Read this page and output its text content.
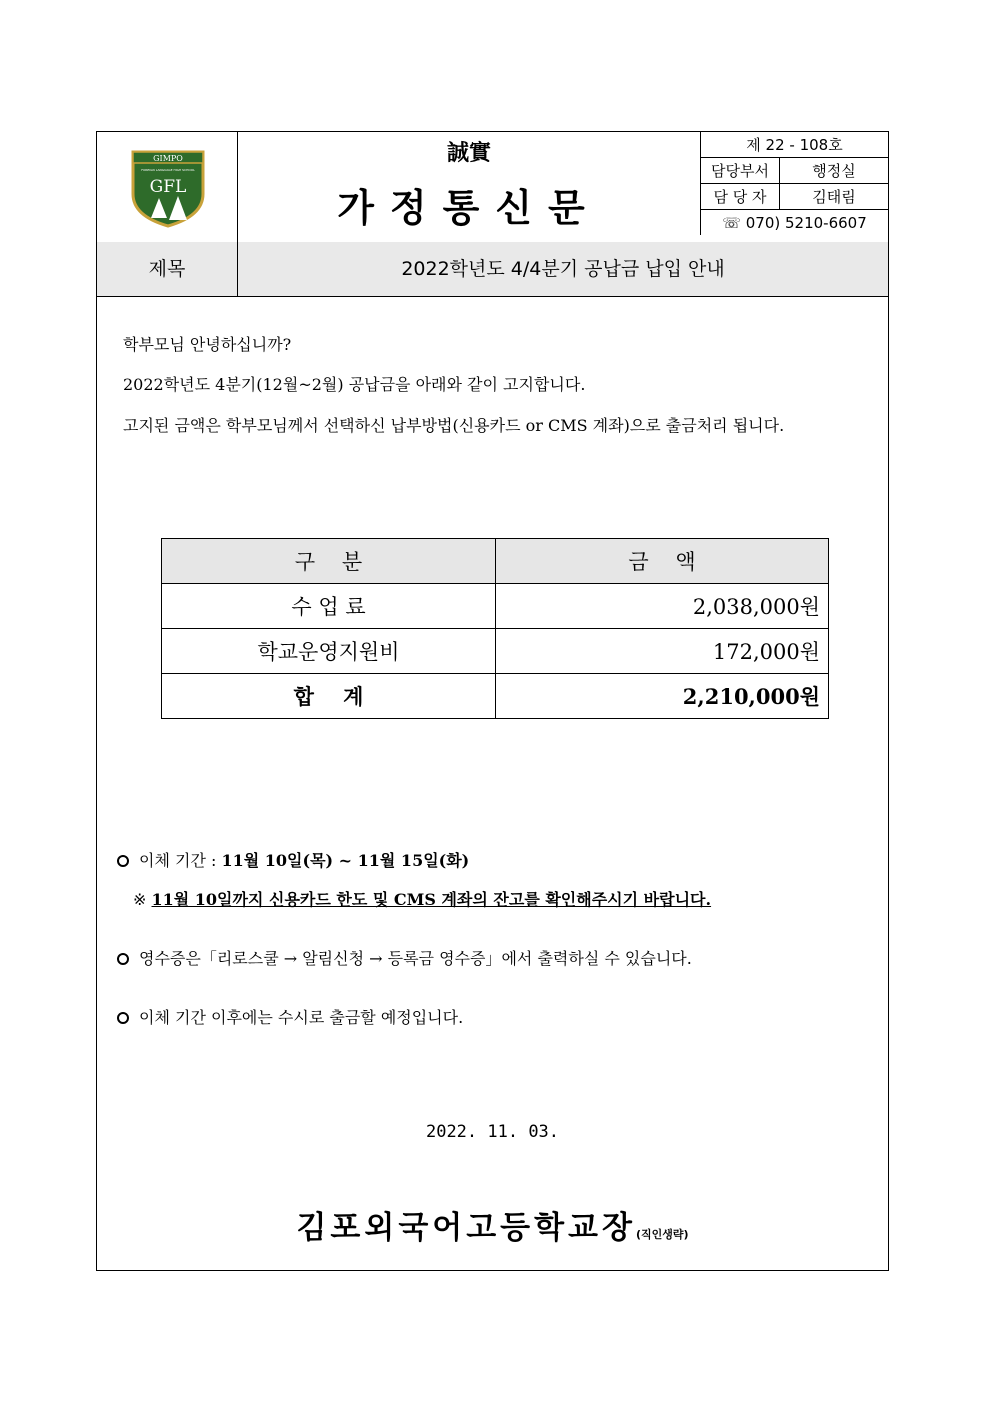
GIMPO
FOREIGN LANGUAGE HIGH SCHOOL
GFL
誠實
가정통신문
제 22 - 108호	
담당부서	행정실
담 당 자	김태림
☏ 070) 5210-6607	
제목	2022학년도 4/4분기 공납금 납입 안내
학부모님 안녕하십니까?
2022학년도 4분기(12월~2월) 공납금을 아래와 같이 고지합니다.
고지된 금액은 학부모님께서 선택하신 납부방법(신용카드 or CMS 계좌)으로 출금처리 됩니다.
구    분	금    액
수 업 료	2,038,000원
학교운영지원비	172,000원
합    계	2,210,000원
이체 기간 : 11월 10일(목) ~ 11월 15일(화)
※ 11월 10일까지 신용카드 한도 및 CMS 계좌의 잔고를 확인해주시기 바랍니다.
영수증은「리로스쿨 → 알림신청 → 등록금 영수증」에서 출력하실 수 있습니다.
이체 기간 이후에는 수시로 출금할 예정입니다.
2022. 11. 03.
김포외국어고등학교장(직인생략)
